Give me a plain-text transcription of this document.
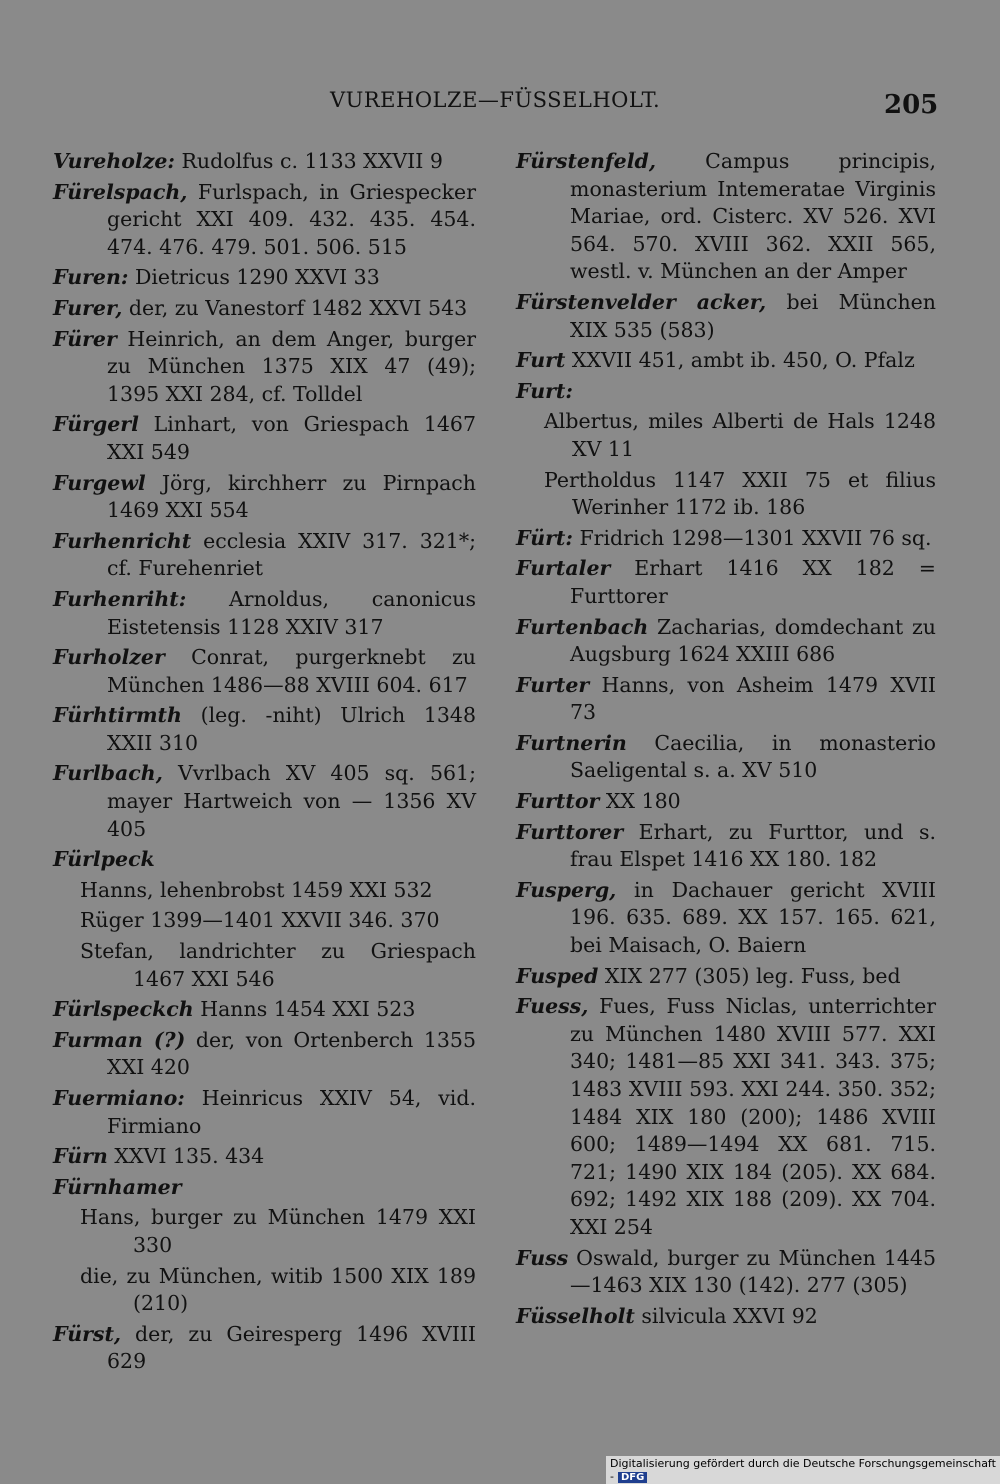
VUREHOLZE—FÜSSELHOLT.	205

Vureholze: Rudolfus c. 1133 XXVII 9

Fürelspach, Furlspach, in Griespecker gericht XXI 409. 432. 435. 454. 474. 476. 479. 501. 506. 515

Furen: Dietricus 1290 XXVI 33

Furer, der, zu Vanestorf 1482 XXVI 543

Fürer Heinrich, an dem Anger, burger zu München 1375 XIX 47 (49); 1395 XXI 284, cf. Tolldel

Fürgerl Linhart, von Griespach 1467 XXI 549

Furgewl Jörg, kirchherr zu Pirnpach 1469 XXI 554

Furhenricht ecclesia XXIV 317. 321*; cf. Furehenriet

Furhenriht: Arnoldus, canonicus Eistetensis 1128 XXIV 317

Furholzer Conrat, purgerknebt zu München 1486—88 XVIII 604. 617

Fürhtirmth (leg. -niht) Ulrich 1348 XXII 310

Furlbach, Vvrlbach XV 405 sq. 561; mayer Hartweich von — 1356 XV 405

Fürlpeck

Hanns, lehenbrobst 1459 XXI 532

Rüger 1399—1401 XXVII 346. 370

Stefan, landrichter zu Griespach 1467 XXI 546

Fürlspeckch Hanns 1454 XXI 523

Furman (?) der, von Ortenberch 1355 XXI 420

Fuermiano: Heinricus XXIV 54, vid. Firmiano

Fürn XXVI 135. 434

Fürnhamer

Hans, burger zu München 1479 XXI 330

die, zu München, witib 1500 XIX 189 (210)

Fürst, der, zu Geiresperg 1496 XVIII 629

Fürstenfeld, Campus principis, monasterium Intemeratae Virginis Mariae, ord. Cisterc. XV 526. XVI 564. 570. XVIII 362. XXII 565, westl. v. München an der Amper

Fürstenvelder acker, bei München XIX 535 (583)

Furt XXVII 451, ambt ib. 450, O. Pfalz

Furt:

Albertus, miles Alberti de Hals 1248 XV 11

Pertholdus 1147 XXII 75 et filius Werinher 1172 ib. 186

Fürt: Fridrich 1298—1301 XXVII 76 sq.

Furtaler Erhart 1416 XX 182 = Furttorer

Furtenbach Zacharias, domdechant zu Augsburg 1624 XXIII 686

Furter Hanns, von Asheim 1479 XVII 73

Furtnerin Caecilia, in monasterio Saeligental s. a. XV 510

Furttor XX 180

Furttorer Erhart, zu Furttor, und s. frau Elspet 1416 XX 180. 182

Fusperg, in Dachauer gericht XVIII 196. 635. 689. XX 157. 165. 621, bei Maisach, O. Baiern

Fusped XIX 277 (305) leg. Fuss, bed

Fuess, Fues, Fuss Niclas, unterrichter zu München 1480 XVIII 577. XXI 340; 1481—85 XXI 341. 343. 375; 1483 XVIII 593. XXI 244. 350. 352; 1484 XIX 180 (200); 1486 XVIII 600; 1489—1494 XX 681. 715. 721; 1490 XIX 184 (205). XX 684. 692; 1492 XIX 188 (209). XX 704. XXI 254

Fuss Oswald, burger zu München 1445—1463 XIX 130 (142). 277 (305)

Füsselholt silvicula XXVI 92

Digitalisierung gefördert durch die Deutsche Forschungsgemeinschaft - DFG
